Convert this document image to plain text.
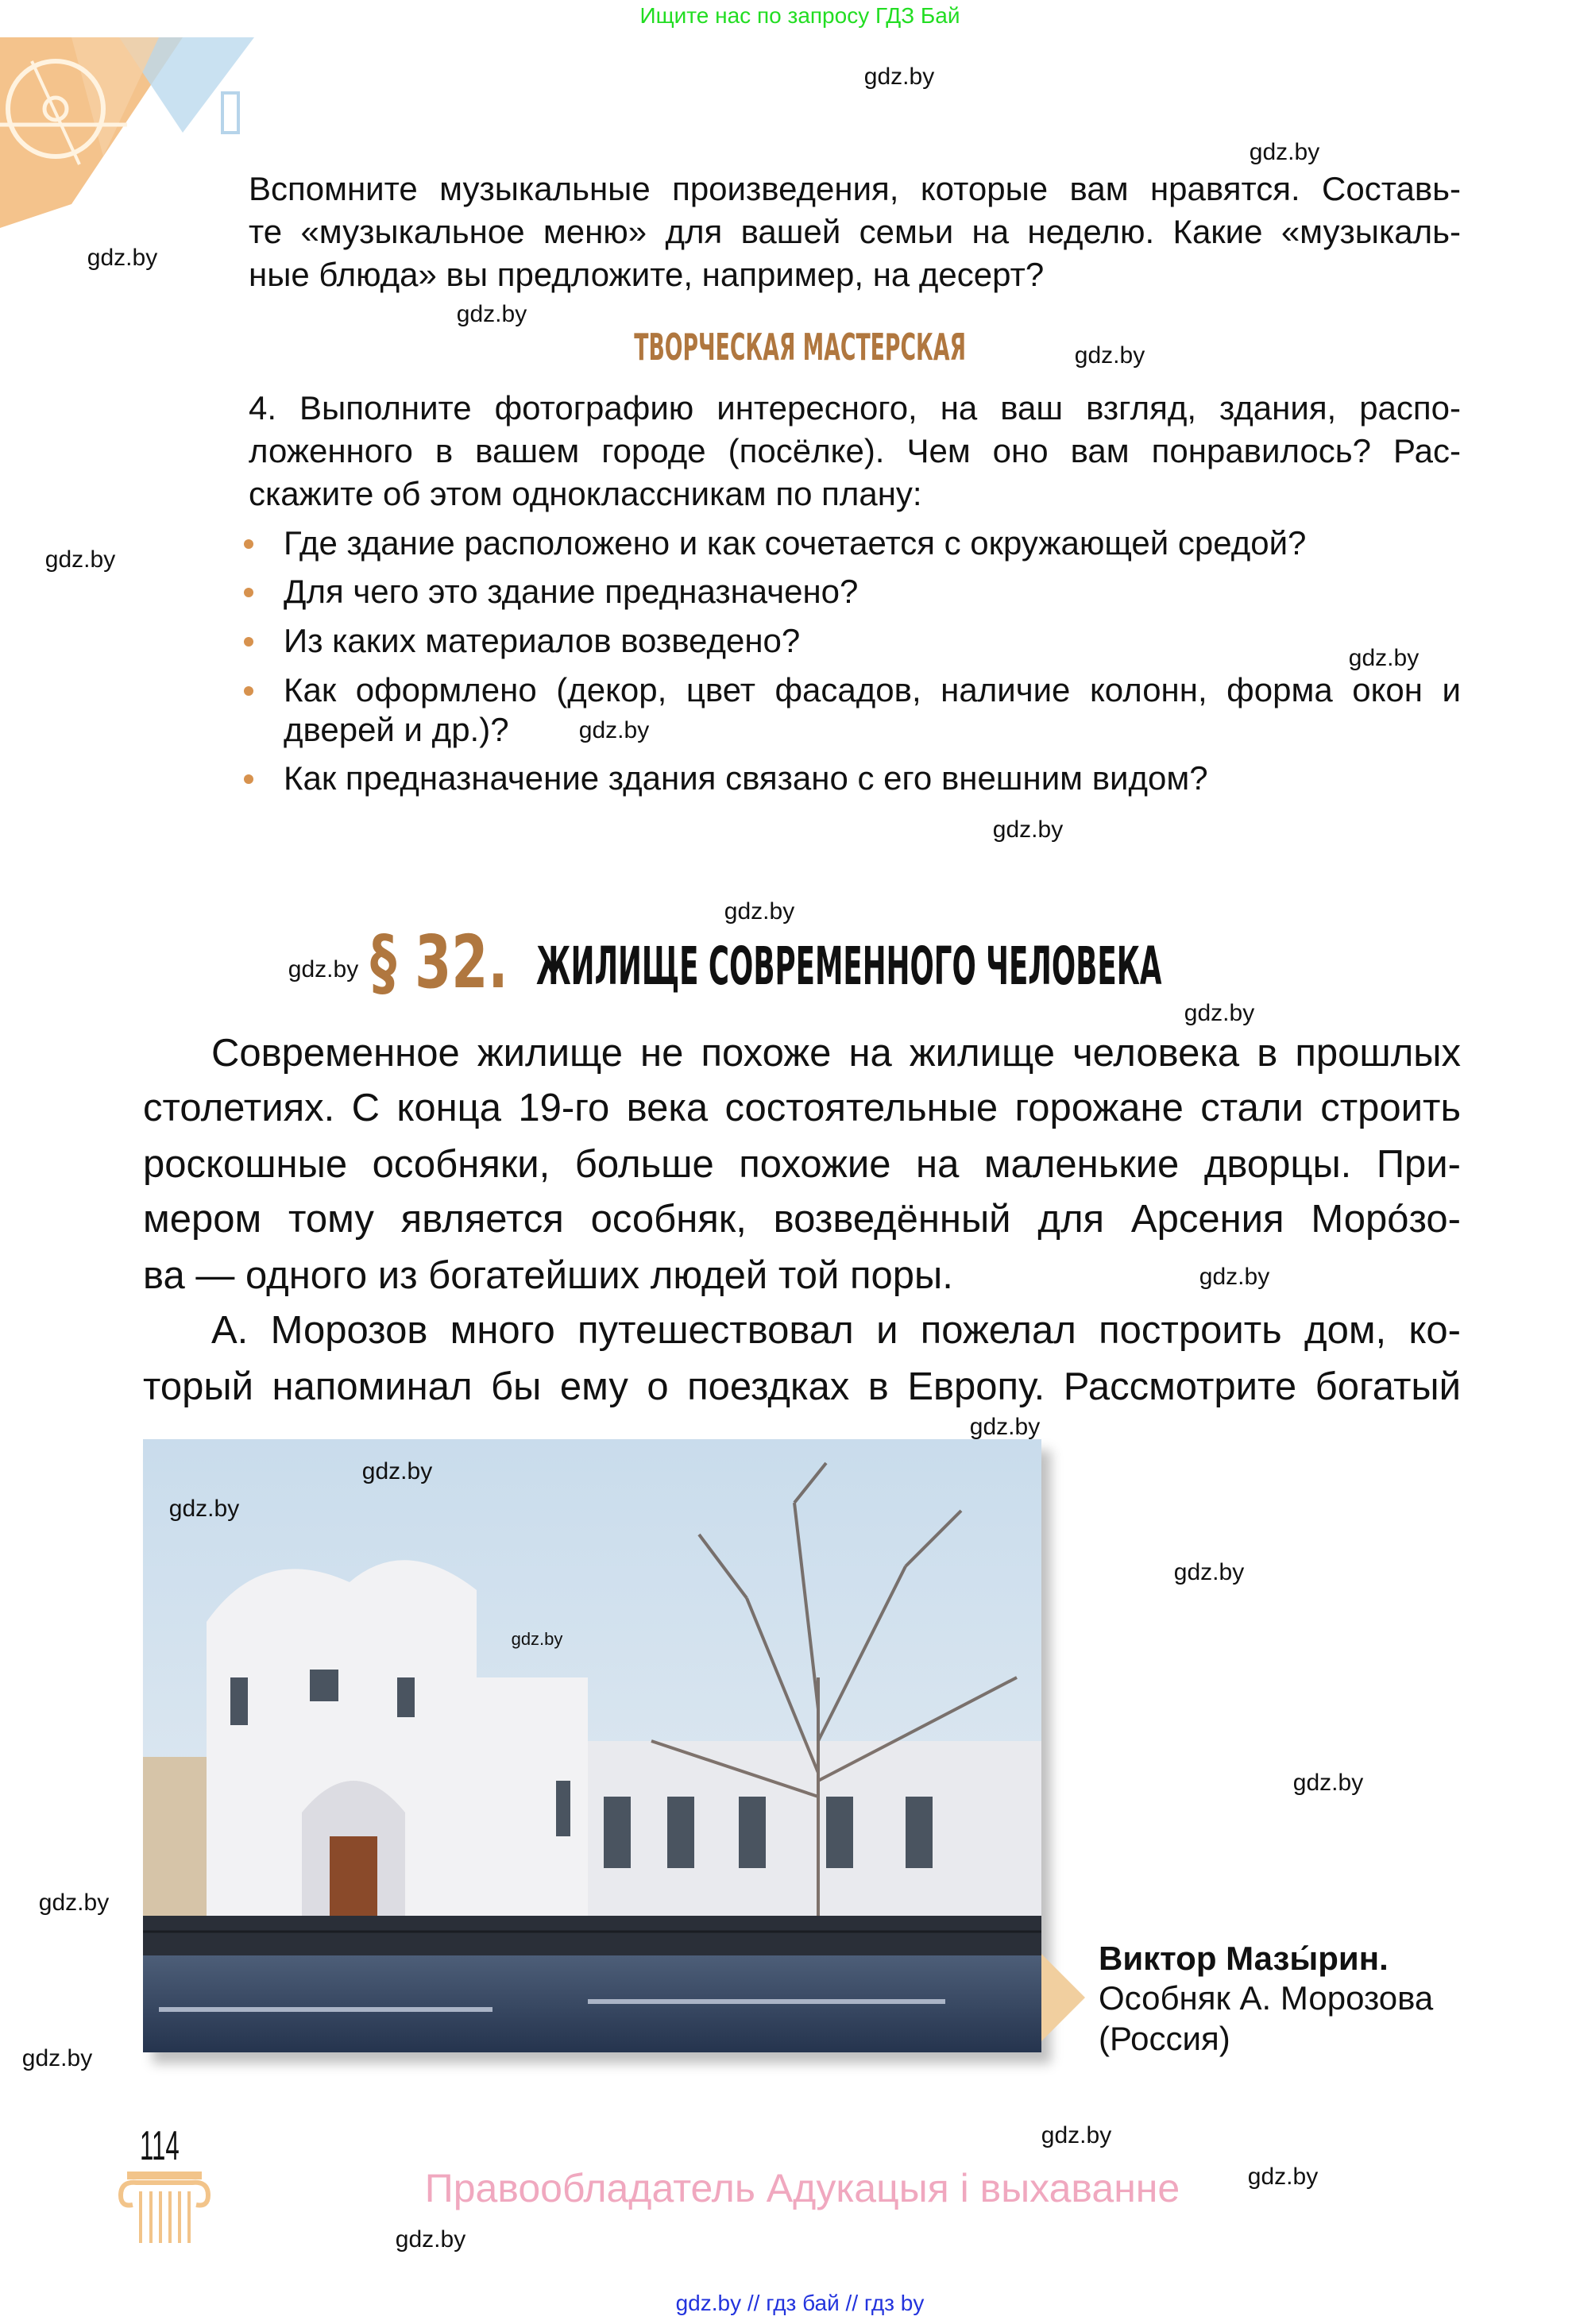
Ищите нас по запросу ГДЗ Бай
Вспомните музыкальные произведения, которые вам нравятся. Составь-
те «музыкальное меню» для вашей семьи на неделю. Какие «музыкаль-
ные блюда» вы предложите, например, на десерт?
ТВОРЧЕСКАЯ МАСТЕРСКАЯ
4. Выполните фотографию интересного, на ваш взгляд, здания, распо-
ложенного в вашем городе (посёлке). Чем оно вам понравилось? Рас-
скажите об этом одноклассникам по плану:
Где здание расположено и как сочетается с окружающей средой?
Для чего это здание предназначено?
Из каких материалов возведено?
Как оформлено (декор, цвет фасадов, наличие колонн, форма окон и
дверей и др.)?
Как предназначение здания связано с его внешним видом?
§ 32. ЖИЛИЩЕ СОВРЕМЕННОГО ЧЕЛОВЕКА
Современное жилище не похоже на жилище человека в прошлых
столетиях. С конца 19-го века состоятельные горожане стали строить
роскошные особняки, больше похожие на маленькие дворцы. При-
мером тому является особняк, возведённый для Арсения Моро́зо-
ва — одного из богатейших людей той поры.
А. Морозов много путешествовал и пожелал построить дом, ко-
торый напоминал бы ему о поездках в Европу. Рассмотрите богатый
Виктор Мазы́рин.
Особняк А. Морозова
(Россия)
114
Правообладатель Адукацыя і выхаванне
gdz.by // гдз бай // гдз by
gdz.by
gdz.by
gdz.by
gdz.by
gdz.by
gdz.by
gdz.by
gdz.by
gdz.by
gdz.by
gdz.by
gdz.by
gdz.by
gdz.by
gdz.by
gdz.by
gdz.by
gdz.by
gdz.by
gdz.by
gdz.by
gdz.by
gdz.by
gdz.by
